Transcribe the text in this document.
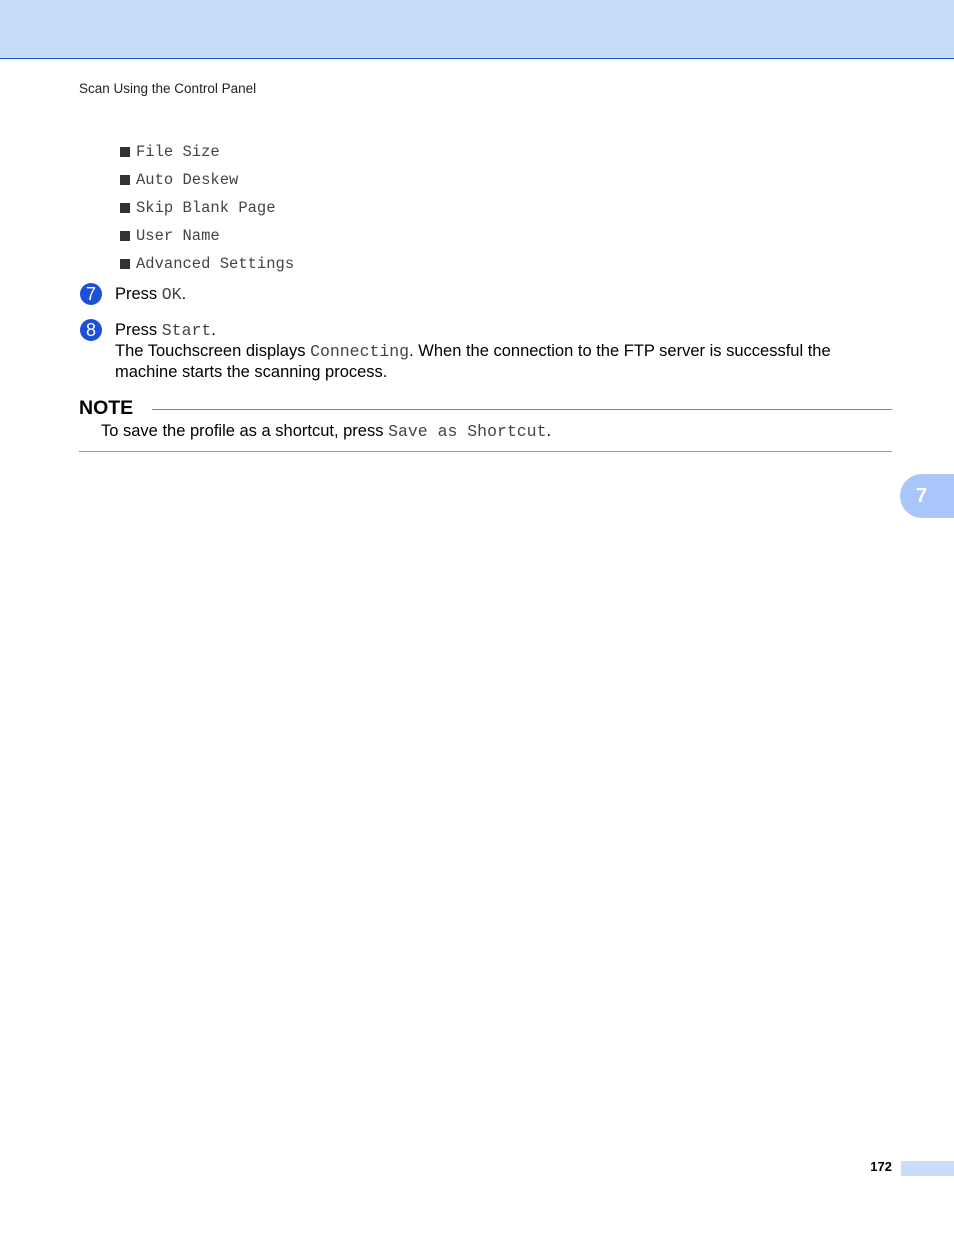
Scan Using the Control Panel
File Size
Auto Deskew
Skip Blank Page
User Name
Advanced Settings
7	Press OK.
8	Press Start.
The Touchscreen displays Connecting. When the connection to the FTP server is successful the machine starts the scanning process.
NOTE
To save the profile as a shortcut, press Save as Shortcut.
7
172
